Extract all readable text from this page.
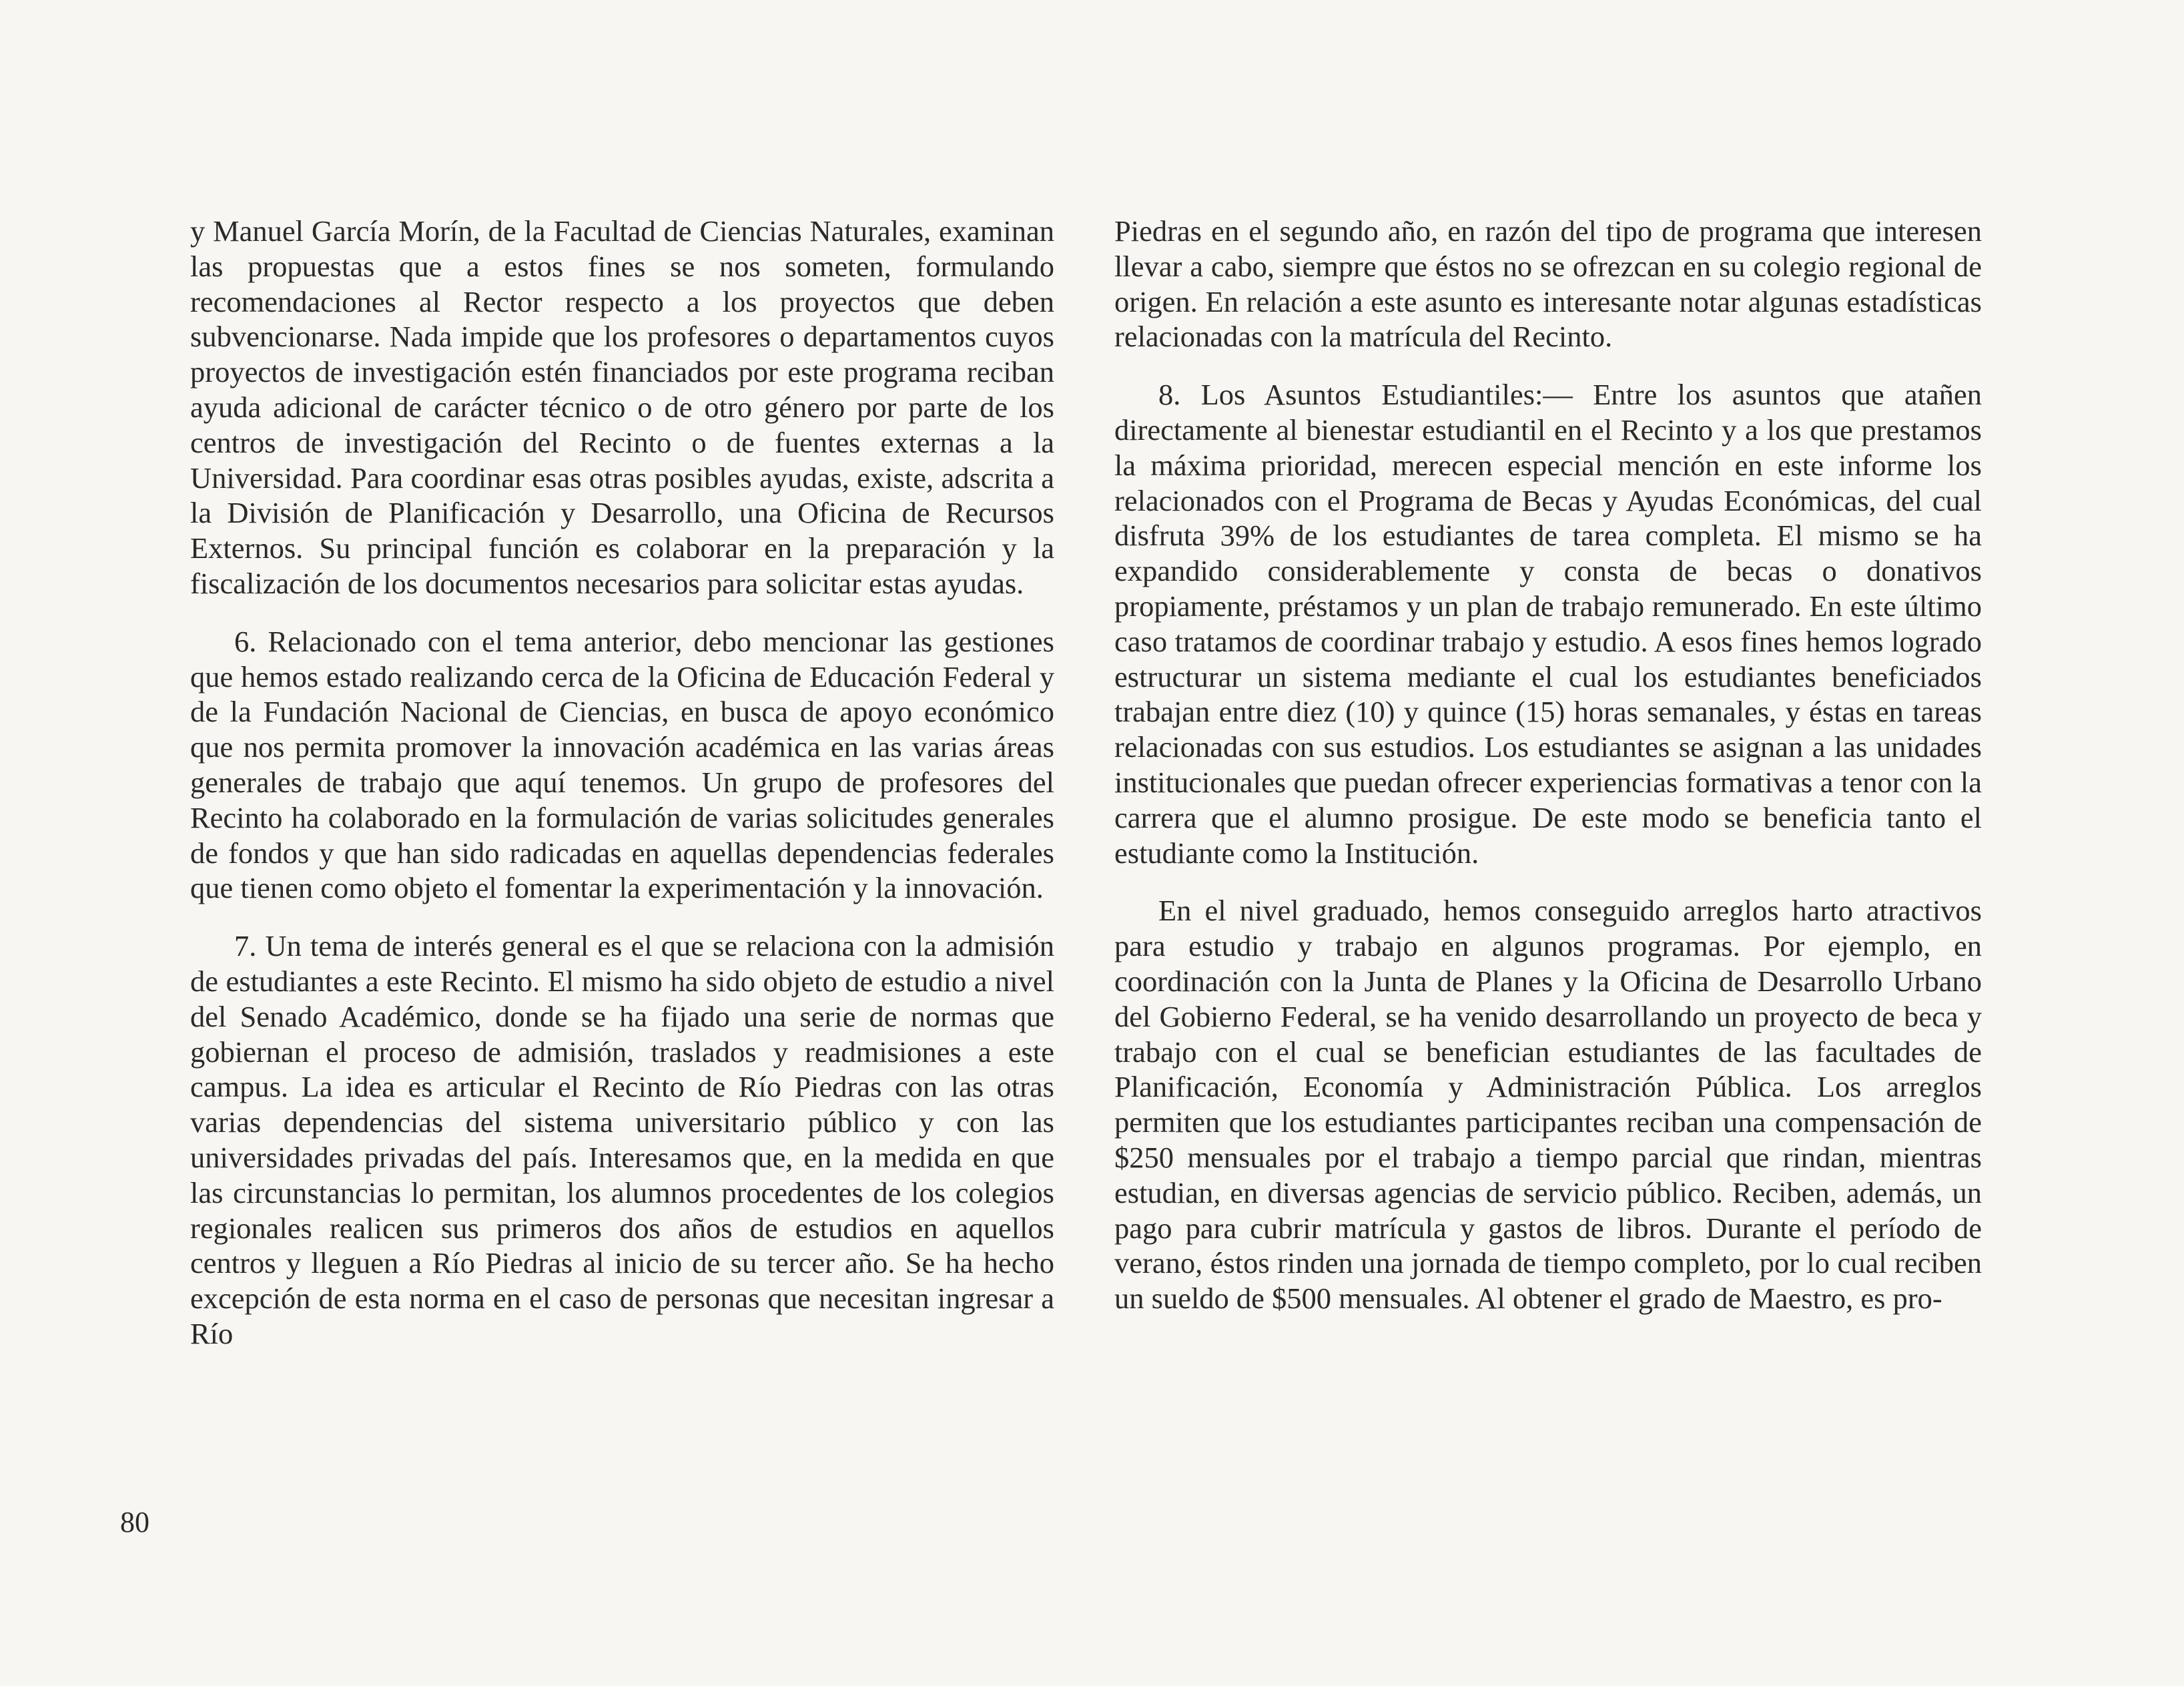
y Manuel García Morín, de la Facultad de Ciencias Naturales, examinan las propuestas que a estos fines se nos someten, formulando recomendaciones al Rector respecto a los proyectos que deben subvencionarse. Nada impide que los profesores o departamentos cuyos proyectos de investigación estén financiados por este programa reciban ayuda adicional de carácter técnico o de otro género por parte de los centros de investigación del Recinto o de fuentes externas a la Universidad. Para coordinar esas otras posibles ayudas, existe, adscrita a la División de Planificación y Desarrollo, una Oficina de Recursos Externos. Su principal función es colaborar en la preparación y la fiscalización de los documentos necesarios para solicitar estas ayudas.

6. Relacionado con el tema anterior, debo mencionar las gestiones que hemos estado realizando cerca de la Oficina de Educación Federal y de la Fundación Nacional de Ciencias, en busca de apoyo económico que nos permita promover la innovación académica en las varias áreas generales de trabajo que aquí tenemos. Un grupo de profesores del Recinto ha colaborado en la formulación de varias solicitudes generales de fondos y que han sido radicadas en aquellas dependencias federales que tienen como objeto el fomentar la experimentación y la innovación.

7. Un tema de interés general es el que se relaciona con la admisión de estudiantes a este Recinto. El mismo ha sido objeto de estudio a nivel del Senado Académico, donde se ha fijado una serie de normas que gobiernan el proceso de admisión, traslados y readmisiones a este campus. La idea es articular el Recinto de Río Piedras con las otras varias dependencias del sistema universitario público y con las universidades privadas del país. Interesamos que, en la medida en que las circunstancias lo permitan, los alumnos procedentes de los colegios regionales realicen sus primeros dos años de estudios en aquellos centros y lleguen a Río Piedras al inicio de su tercer año. Se ha hecho excepción de esta norma en el caso de personas que necesitan ingresar a Río

Piedras en el segundo año, en razón del tipo de programa que interesen llevar a cabo, siempre que éstos no se ofrezcan en su colegio regional de origen. En relación a este asunto es interesante notar algunas estadísticas relacionadas con la matrícula del Recinto.

8. Los Asuntos Estudiantiles:— Entre los asuntos que atañen directamente al bienestar estudiantil en el Recinto y a los que prestamos la máxima prioridad, merecen especial mención en este informe los relacionados con el Programa de Becas y Ayudas Económicas, del cual disfruta 39% de los estudiantes de tarea completa. El mismo se ha expandido considerablemente y consta de becas o donativos propiamente, préstamos y un plan de trabajo remunerado. En este último caso tratamos de coordinar trabajo y estudio. A esos fines hemos logrado estructurar un sistema mediante el cual los estudiantes beneficiados trabajan entre diez (10) y quince (15) horas semanales, y éstas en tareas relacionadas con sus estudios. Los estudiantes se asignan a las unidades institucionales que puedan ofrecer experiencias formativas a tenor con la carrera que el alumno prosigue. De este modo se beneficia tanto el estudiante como la Institución.

En el nivel graduado, hemos conseguido arreglos harto atractivos para estudio y trabajo en algunos programas. Por ejemplo, en coordinación con la Junta de Planes y la Oficina de Desarrollo Urbano del Gobierno Federal, se ha venido desarrollando un proyecto de beca y trabajo con el cual se benefician estudiantes de las facultades de Planificación, Economía y Administración Pública. Los arreglos permiten que los estudiantes participantes reciban una compensación de $250 mensuales por el trabajo a tiempo parcial que rindan, mientras estudian, en diversas agencias de servicio público. Reciben, además, un pago para cubrir matrícula y gastos de libros. Durante el período de verano, éstos rinden una jornada de tiempo completo, por lo cual reciben un sueldo de $500 mensuales. Al obtener el grado de Maestro, es pro-

80
